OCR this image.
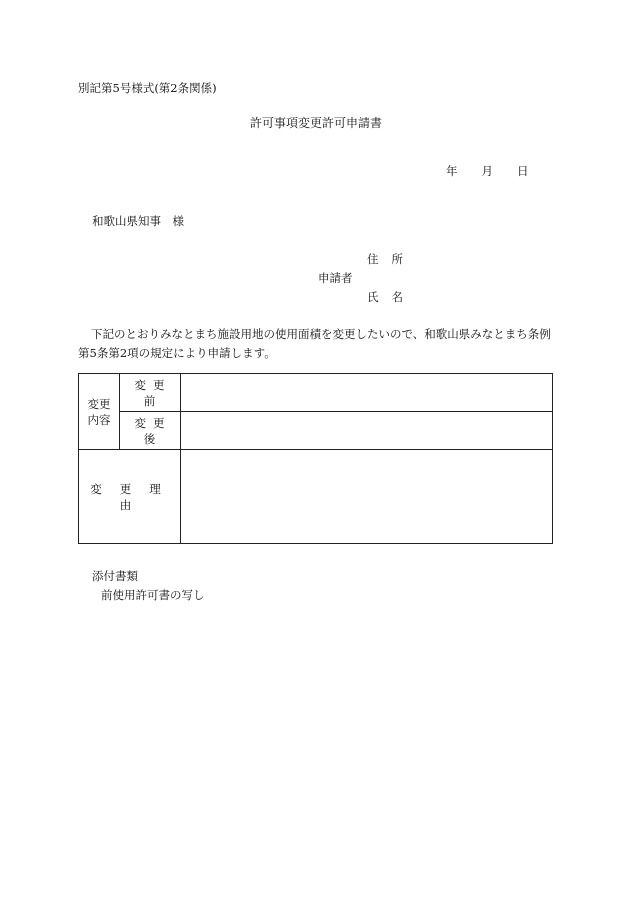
別記第5号様式(第2条関係)
許可事項変更許可申請書
年 月 日
和歌山県知事　様
住所
申請者
氏名
下記のとおりみなとまち施設用地の使用面積を変更したいので、和歌山県みなとまち条例第5条第2項の規定により申請します。
変更
内容	変更前	
	変更後	
変更理由		
添付書類
前使用許可書の写し
